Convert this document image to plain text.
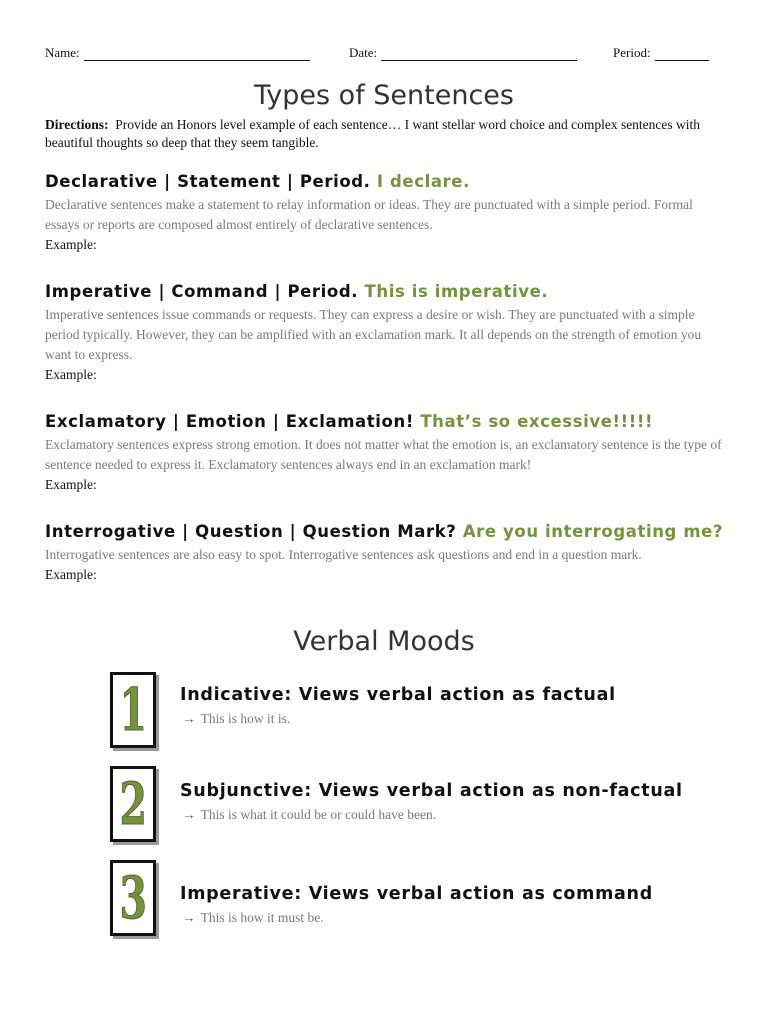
Name:	Date:	Period:
Types of Sentences
Directions: Provide an Honors level example of each sentence… I want stellar word choice and complex sentences with beautiful thoughts so deep that they seem tangible.
Declarative | Statement | Period. I declare.
Declarative sentences make a statement to relay information or ideas. They are punctuated with a simple period. Formal essays or reports are composed almost entirely of declarative sentences.
Example:
Imperative | Command | Period. This is imperative.
Imperative sentences issue commands or requests. They can express a desire or wish. They are punctuated with a simple period typically. However, they can be amplified with an exclamation mark. It all depends on the strength of emotion you want to express.
Example:
Exclamatory | Emotion | Exclamation! That’s so excessive!!!!!
Exclamatory sentences express strong emotion. It does not matter what the emotion is, an exclamatory sentence is the type of sentence needed to express it. Exclamatory sentences always end in an exclamation mark!
Example:
Interrogative | Question | Question Mark? Are you interrogating me?
Interrogative sentences are also easy to spot. Interrogative sentences ask questions and end in a question mark.
Example:
Verbal Moods
1 Indicative: Views verbal action as factual
→ This is how it is.
2 Subjunctive: Views verbal action as non-factual
→ This is what it could be or could have been.
3 Imperative: Views verbal action as command
→ This is how it must be.
